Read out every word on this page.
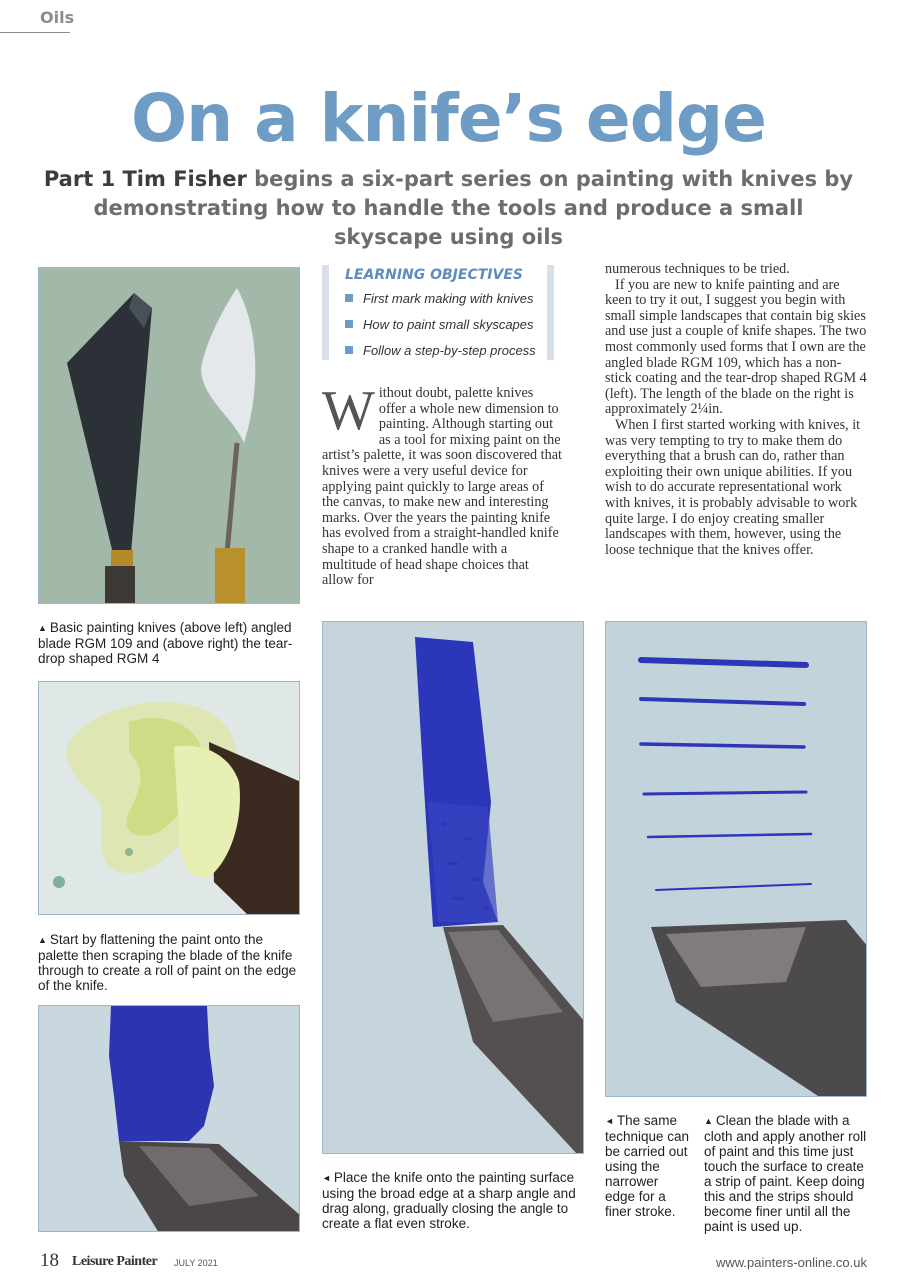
Oils
On a knife’s edge
Part 1 Tim Fisher begins a six-part series on painting with knives by demonstrating how to handle the tools and produce a small skyscape using oils
▲ Basic painting knives (above left) angled blade RGM 109 and (above right) the tear-drop shaped RGM 4
▲ Start by flattening the paint onto the palette then scraping the blade of the knife through to create a roll of paint on the edge of the knife.
LEARNING OBJECTIVES
First mark making with knives
How to paint small skyscapes
Follow a step-by-step process

Without doubt, palette knives offer a whole new dimension to painting. Although starting out as a tool for mixing paint on the artist’s palette, it was soon discovered that knives were a very useful device for applying paint quickly to large areas of the canvas, to make new and interesting marks. Over the years the painting knife has evolved from a straight-handled knife shape to a cranked handle with a multitude of head shape choices that allow for

numerous techniques to be tried.

If you are new to knife painting and are keen to try it out, I suggest you begin with small simple landscapes that contain big skies and use just a couple of knife shapes. The two most commonly used forms that I own are the angled blade RGM 109, which has a non-stick coating and the tear-drop shaped RGM 4 (left). The length of the blade on the right is approximately 2¼in.

When I first started working with knives, it was very tempting to try to make them do everything that a brush can do, rather than exploiting their own unique abilities. If you wish to do accurate representational work with knives, it is probably advisable to work quite large. I do enjoy creating smaller landscapes with them, however, using the loose technique that the knives offer.

◄ Place the knife onto the painting surface using the broad edge at a sharp angle and drag along, gradually closing the angle to create a flat even stroke.
◄ The same technique can be carried out using the narrower edge for a finer stroke.
▲ Clean the blade with a cloth and apply another roll of paint and this time just touch the surface to create a strip of paint. Keep doing this and the strips should become finer until all the paint is used up.
18 Leisure Painter JULY 2021	www.painters-online.co.uk
